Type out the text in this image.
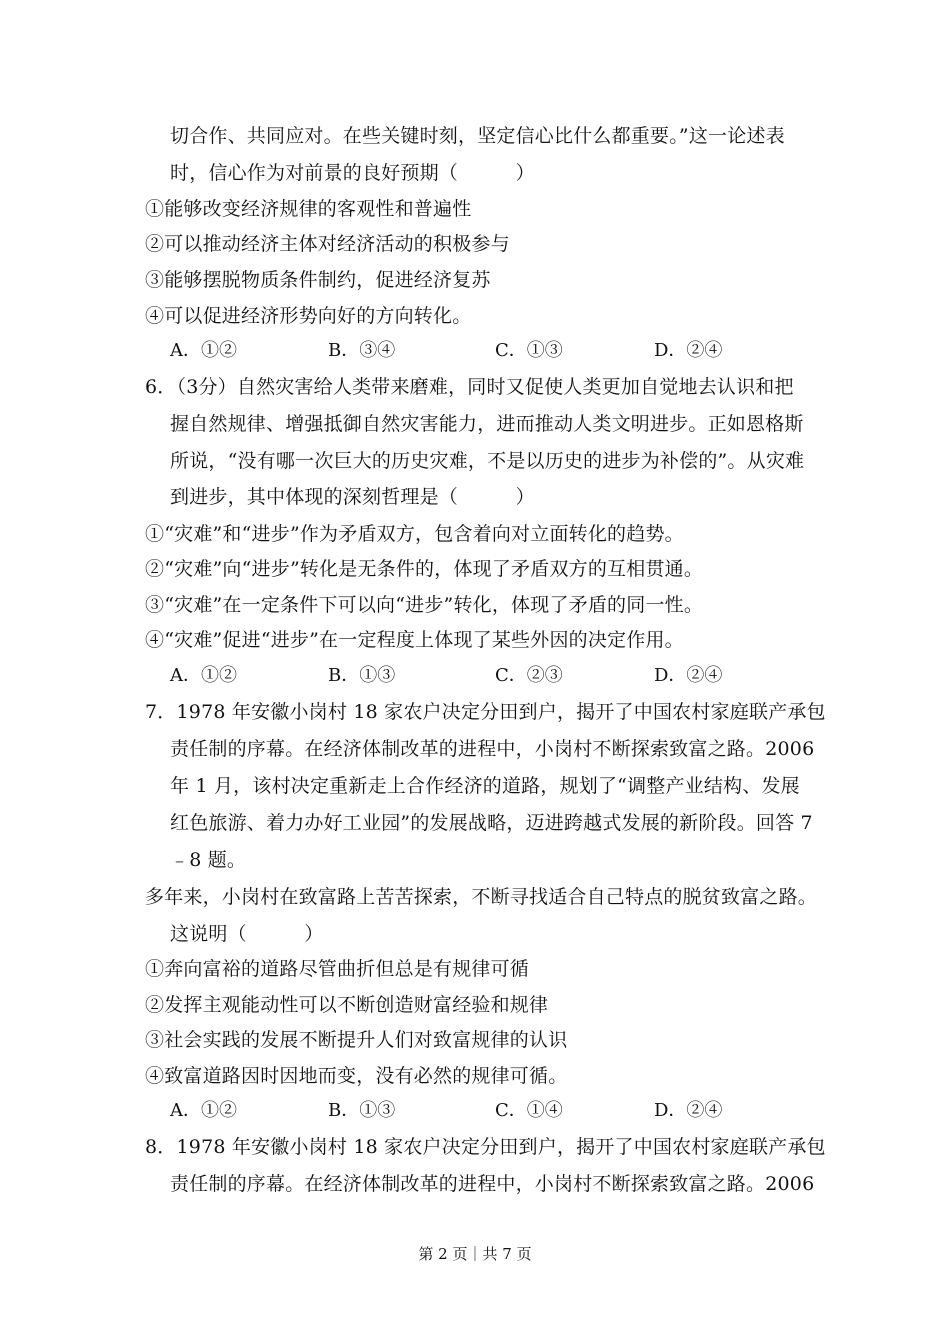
切合作、共同应对。在些关键时刻，坚定信心比什么都重要。”这一论述表
时，信心作为对前景的良好预期（　　　）
①能够改变经济规律的客观性和普遍性
②可以推动经济主体对经济活动的积极参与
③能够摆脱物质条件制约，促进经济复苏
④可以促进经济形势向好的方向转化。
A．①②	B．③④	C．①③	D．②④
6．（3分）自然灾害给人类带来磨难，同时又促使人类更加自觉地去认识和把
握自然规律、增强抵御自然灾害能力，进而推动人类文明进步。正如恩格斯
所说，“没有哪一次巨大的历史灾难，不是以历史的进步为补偿的”。从灾难
到进步，其中体现的深刻哲理是（　　　）
①“灾难”和“进步”作为矛盾双方，包含着向对立面转化的趋势。
②“灾难”向“进步”转化是无条件的，体现了矛盾双方的互相贯通。
③“灾难”在一定条件下可以向“进步”转化，体现了矛盾的同一性。
④“灾难”促进“进步”在一定程度上体现了某些外因的决定作用。
A．①②	B．①③	C．②③	D．②④
7．1978 年安徽小岗村 18 家农户决定分田到户，揭开了中国农村家庭联产承包
责任制的序幕。在经济体制改革的进程中，小岗村不断探索致富之路。2006
年 1 月，该村决定重新走上合作经济的道路，规划了“调整产业结构、发展
红色旅游、着力办好工业园”的发展战略，迈进跨越式发展的新阶段。回答 7
﹣8 题。
多年来，小岗村在致富路上苦苦探索，不断寻找适合自己特点的脱贫致富之路。
这说明（　　　）
①奔向富裕的道路尽管曲折但总是有规律可循
②发挥主观能动性可以不断创造财富经验和规律
③社会实践的发展不断提升人们对致富规律的认识
④致富道路因时因地而变，没有必然的规律可循。
A．①②	B．①③	C．①④	D．②④
8．1978 年安徽小岗村 18 家农户决定分田到户，揭开了中国农村家庭联产承包
责任制的序幕。在经济体制改革的进程中，小岗村不断探索致富之路。2006
第 2 页｜共 7 页
